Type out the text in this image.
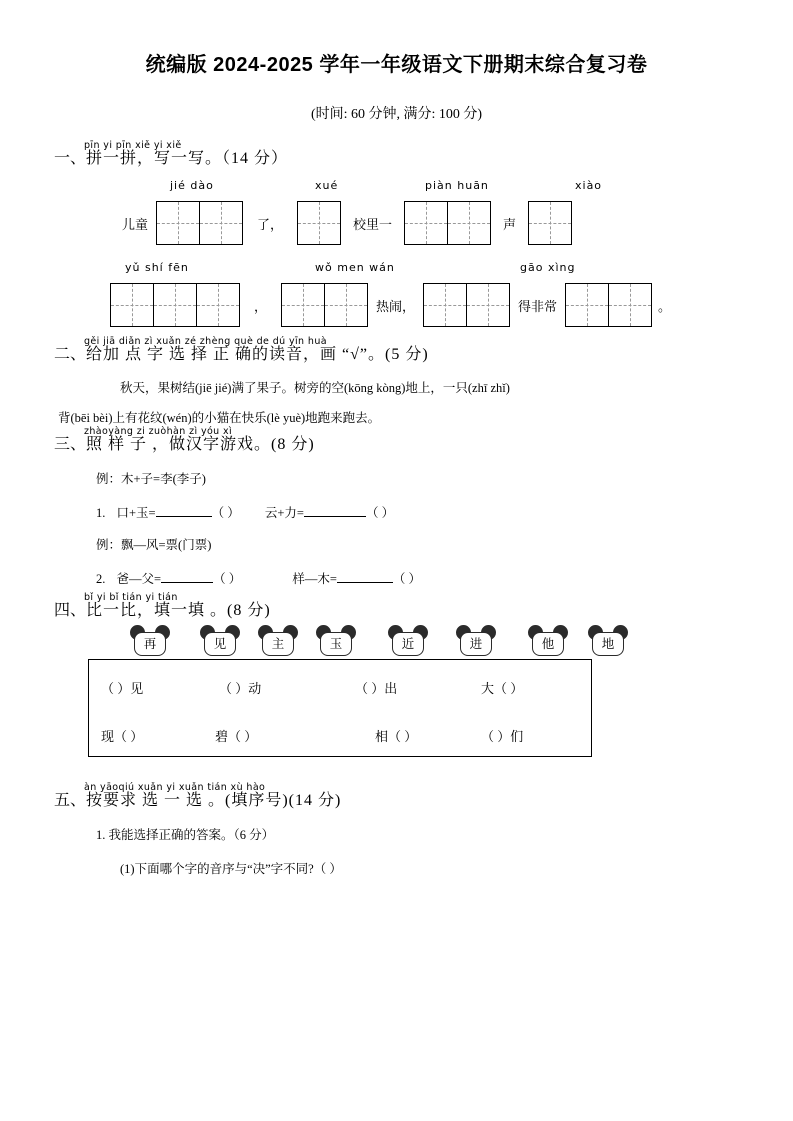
统编版 2024-2025 学年一年级语文下册期末综合复习卷
(时间: 60 分钟, 满分: 100 分)
pīn yi pīn xiě yi xiě
一、拼一拼，写一写。（14 分）
jié dào	xué	piàn huān	xiào
儿童	了，	校里一	声
yǔ shí fēn	wǒ men wán	gāo xìng
，	热闹，	得非常	。
gěi jiā diǎn zì xuǎn zé zhèng què de dú yīn huà
二、给加 点 字 选 择 正 确的读音，画 “√”。(5 分)
秋天，果树结(jiē jié)满了果子。树旁的空(kōng kòng)地上，一只(zhī zhǐ)
背(bēi bèi)上有花纹(wén)的小猫在快乐(lè yuè)地跑来跑去。
zhàoyàng zi zuòhàn zì yóu xì
三、照 样 子 ，做汉字游戏。(8 分)
例：木+子=李(李子)
1. 口+玉=	（ ） 云+力=	（ ）
例：飘—风=票(门票)
2. 爸—父=	（ ）	样—木=	（ ）
bǐ yi bǐ tián yi tián
四、比一比，填一填 。(8 分)
再	见	主	玉	近	进	他	地
（ ）见	（ ）动	（ ）出	大（ ）
现（ ）	碧（ ）	相（ ）	（ ）们
àn yāoqiú xuǎn yi xuǎn tián xù hào
五、按要求 选 一 选 。(填序号)(14 分)
1. 我能选择正确的答案。（6 分）
(1)下面哪个字的音序与“决”字不同?（ ）
